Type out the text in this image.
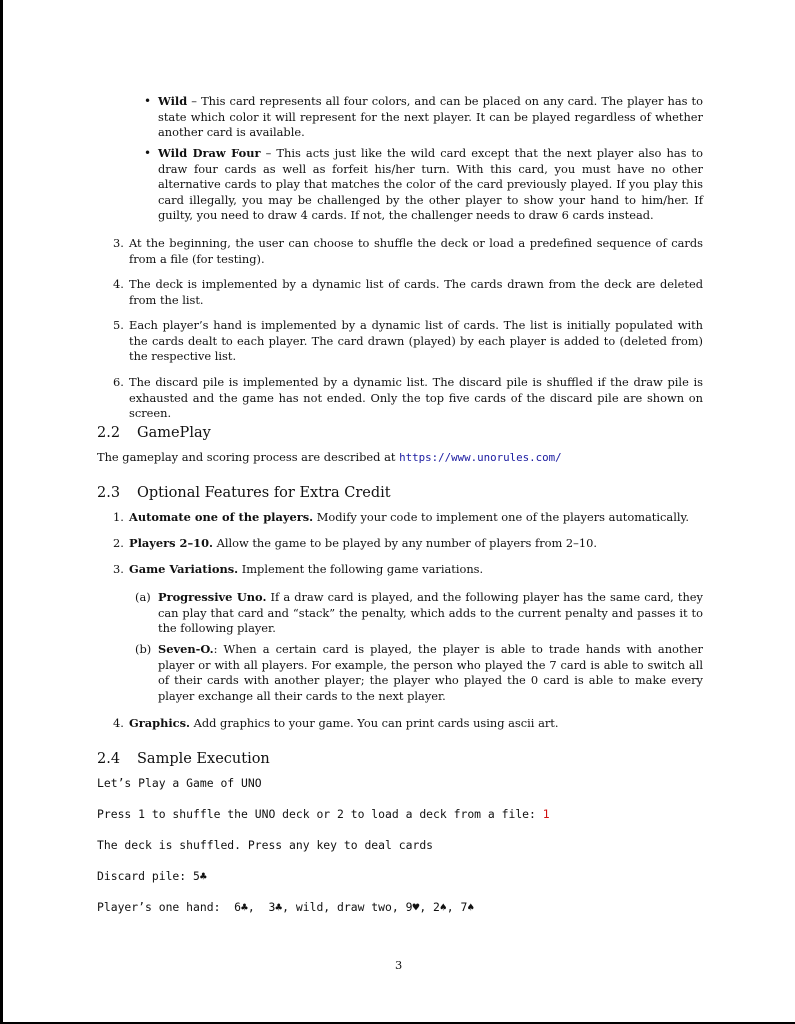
• Wild – This card represents all four colors, and can be placed on any card. The player has to state which color it will represent for the next player. It can be played regardless of whether another card is available.
• Wild Draw Four – This acts just like the wild card except that the next player also has to draw four cards as well as forfeit his/her turn. With this card, you must have no other alternative cards to play that matches the color of the card previously played. If you play this card illegally, you may be challenged by the other player to show your hand to him/her. If guilty, you need to draw 4 cards. If not, the challenger needs to draw 6 cards instead.
3. At the beginning, the user can choose to shuffle the deck or load a predefined sequence of cards from a file (for testing).
4. The deck is implemented by a dynamic list of cards. The cards drawn from the deck are deleted from the list.
5. Each player’s hand is implemented by a dynamic list of cards. The list is initially populated with the cards dealt to each player. The card drawn (played) by each player is added to (deleted from) the respective list.
6. The discard pile is implemented by a dynamic list. The discard pile is shuffled if the draw pile is exhausted and the game has not ended. Only the top five cards of the discard pile are shown on screen.
2.2 GamePlay
The gameplay and scoring process are described at https://www.unorules.com/
2.3 Optional Features for Extra Credit
1. Automate one of the players. Modify your code to implement one of the players automatically.
2. Players 2–10. Allow the game to be played by any number of players from 2–10.
3. Game Variations. Implement the following game variations.
(a) Progressive Uno. If a draw card is played, and the following player has the same card, they can play that card and “stack” the penalty, which adds to the current penalty and passes it to the following player.
(b) Seven-O.: When a certain card is played, the player is able to trade hands with another player or with all players. For example, the person who played the 7 card is able to switch all of their cards with another player; the player who played the 0 card is able to make every player exchange all their cards to the next player.
4. Graphics. Add graphics to your game. You can print cards using ascii art.
2.4 Sample Execution
Let’s Play a Game of UNO
Press 1 to shuffle the UNO deck or 2 to load a deck from a file: 1
The deck is shuffled. Press any key to deal cards
Discard pile: 5♣
Player’s one hand:  6♣,  3♣, wild, draw two, 9♥, 2♠, 7♠
3
